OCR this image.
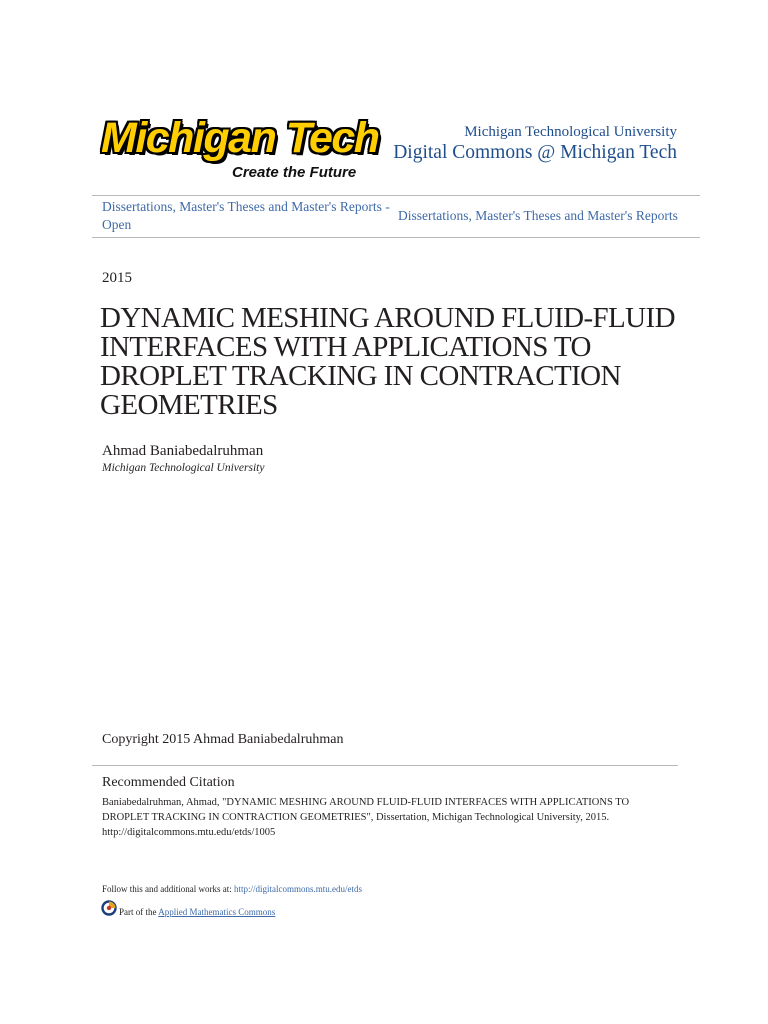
Michigan Tech
Create the Future
Michigan Technological University
Digital Commons @ Michigan Tech
Dissertations, Master's Theses and Master's Reports - Open
Dissertations, Master's Theses and Master's Reports
2015
DYNAMIC MESHING AROUND FLUID-FLUID INTERFACES WITH APPLICATIONS TO DROPLET TRACKING IN CONTRACTION GEOMETRIES
Ahmad Baniabedalruhman
Michigan Technological University
Copyright 2015 Ahmad Baniabedalruhman
Recommended Citation
Baniabedalruhman, Ahmad, "DYNAMIC MESHING AROUND FLUID-FLUID INTERFACES WITH APPLICATIONS TO DROPLET TRACKING IN CONTRACTION GEOMETRIES", Dissertation, Michigan Technological University, 2015.
http://digitalcommons.mtu.edu/etds/1005
Follow this and additional works at: http://digitalcommons.mtu.edu/etds
Part of the Applied Mathematics Commons
